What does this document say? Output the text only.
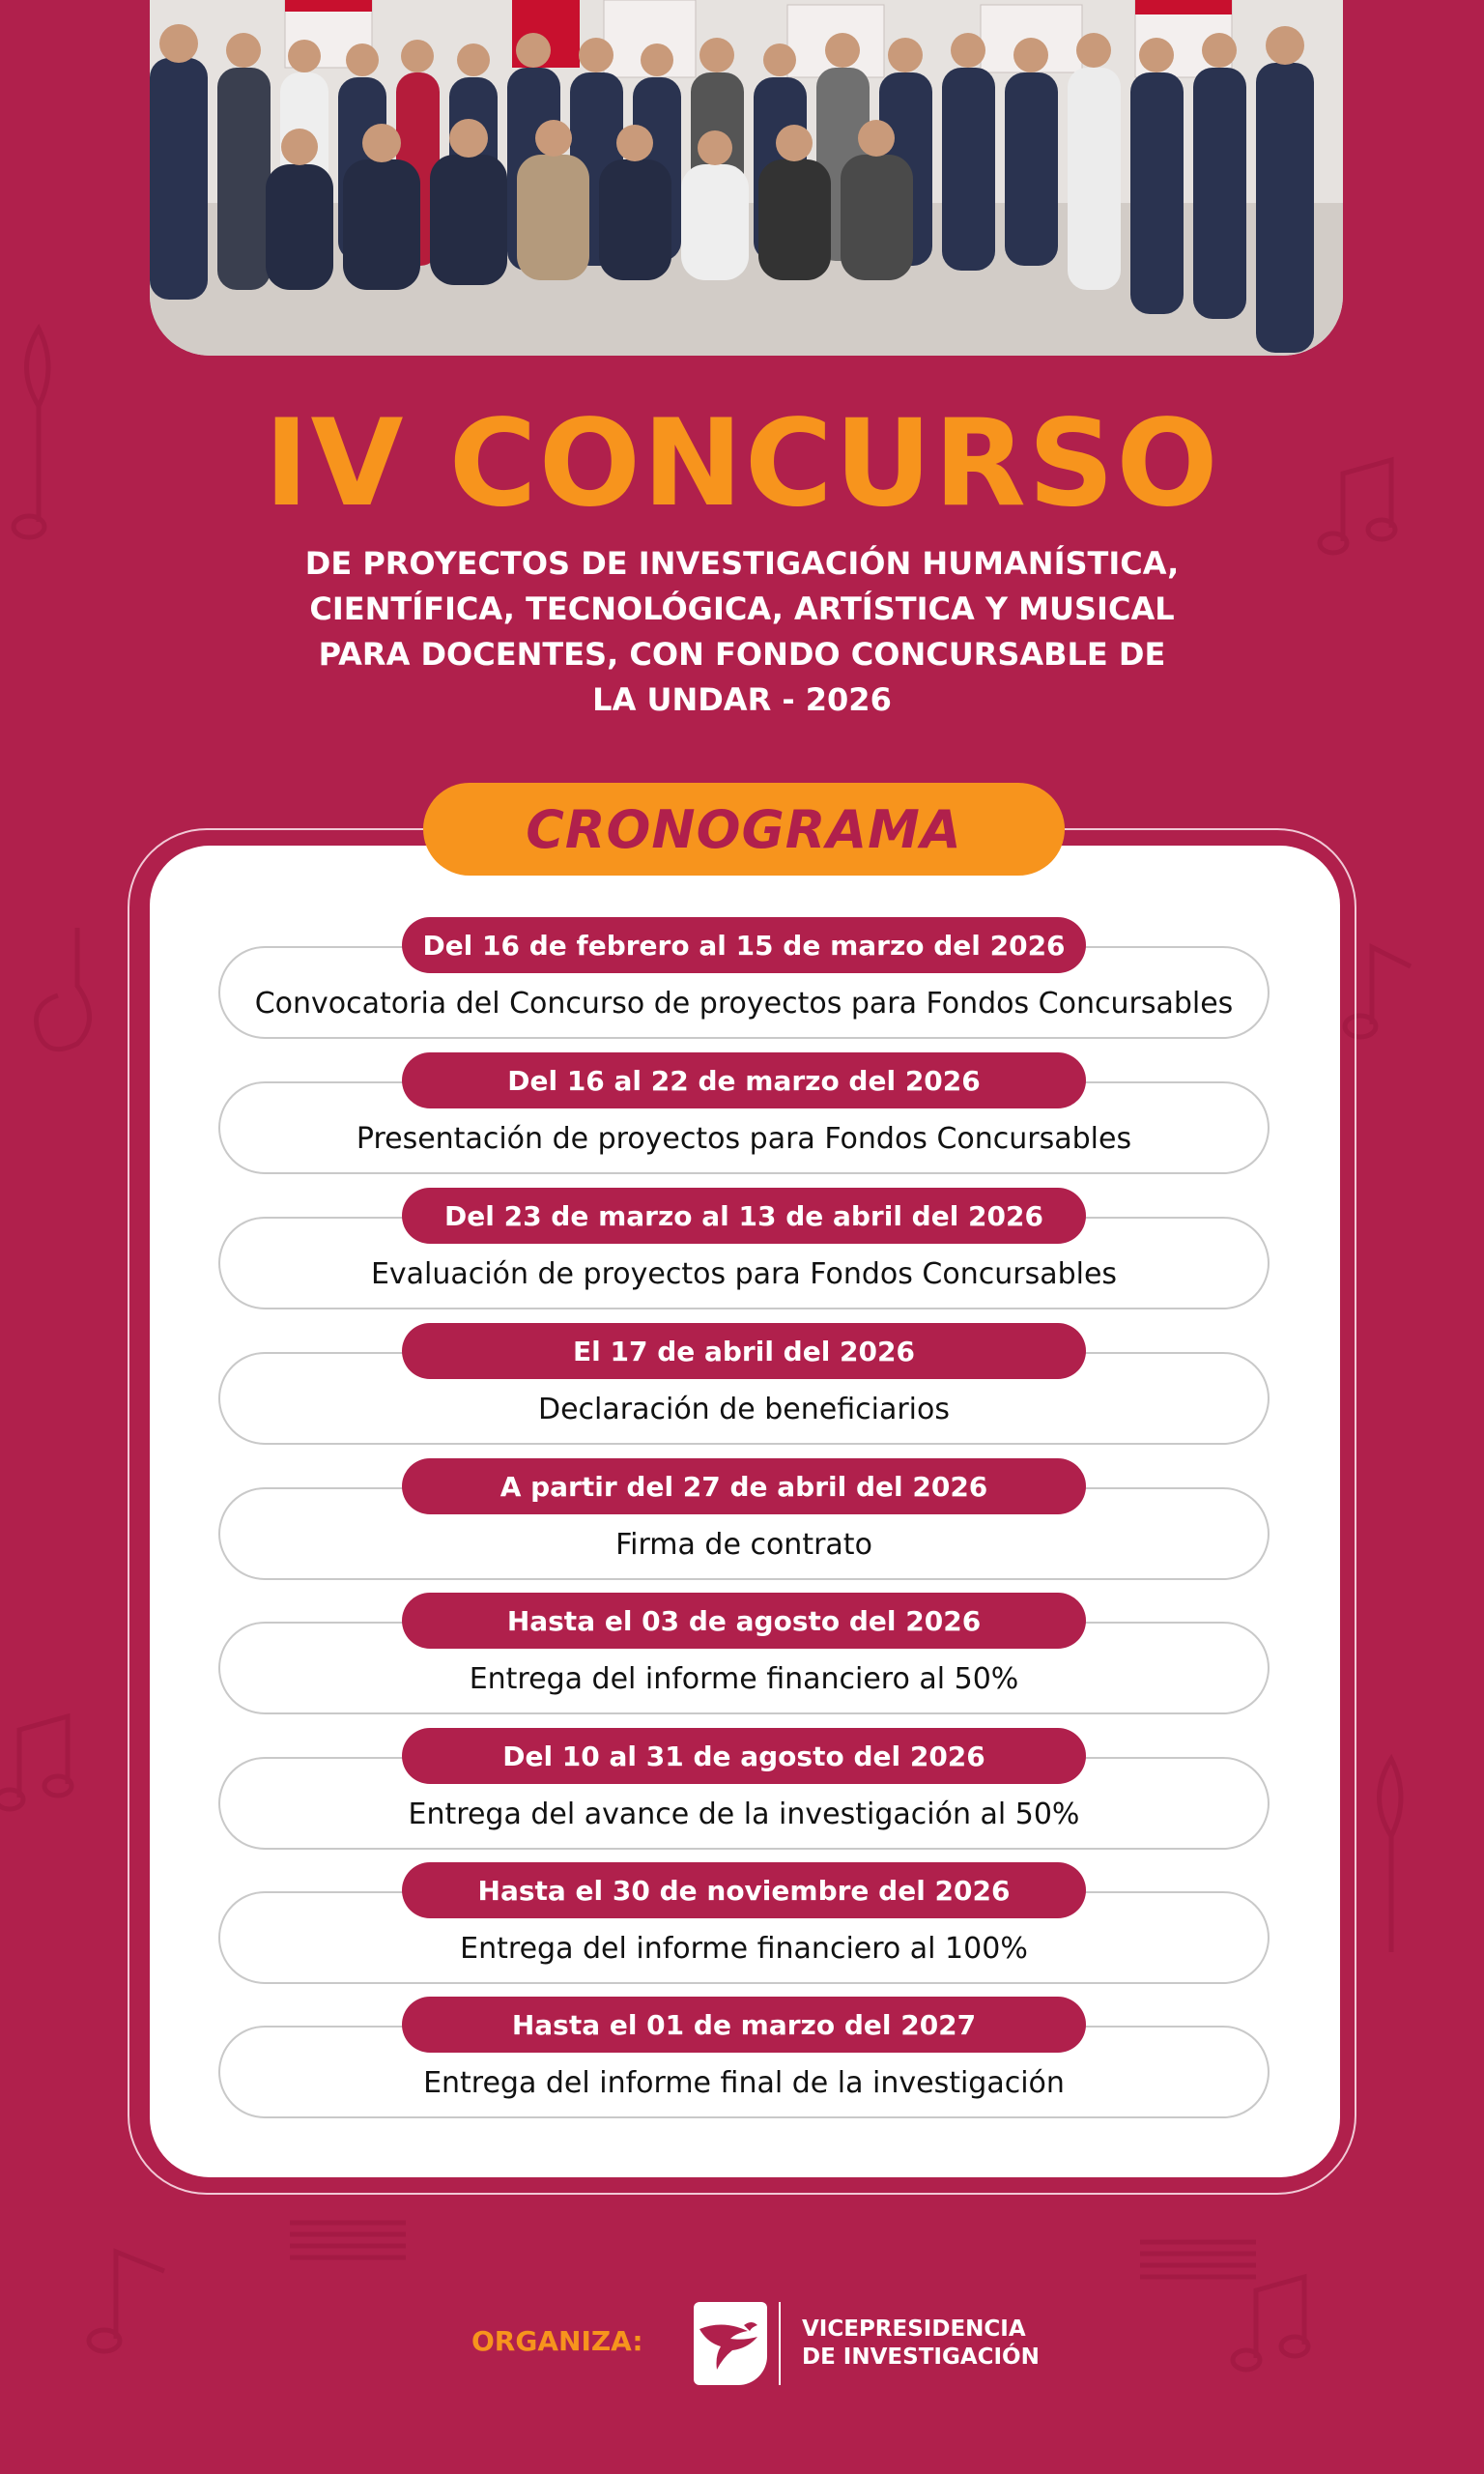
IV CONCURSO
DE PROYECTOS DE INVESTIGACIÓN HUMANÍSTICA,
CIENTÍFICA, TECNOLÓGICA, ARTÍSTICA Y MUSICAL
PARA DOCENTES, CON FONDO CONCURSABLE DE
LA UNDAR - 2026
CRONOGRAMA
Convocatoria del Concurso de proyectos para Fondos Concursables
Del 16 de febrero al 15 de marzo del 2026
Presentación de proyectos para Fondos Concursables
Del 16 al 22 de marzo del 2026
Evaluación de proyectos para Fondos Concursables
Del 23 de marzo al 13 de abril del 2026
Declaración de beneficiarios
El 17 de abril del 2026
Firma de contrato
A partir del 27 de abril del 2026
Entrega del informe financiero al 50%
Hasta el 03 de agosto del 2026
Entrega del avance de la investigación al 50%
Del 10 al 31 de agosto del 2026
Entrega del informe financiero al 100%
Hasta el 30 de noviembre del 2026
Entrega del informe final de la investigación
Hasta el 01 de marzo del 2027
ORGANIZA:	VICEPRESIDENCIA
DE INVESTIGACIÓN
